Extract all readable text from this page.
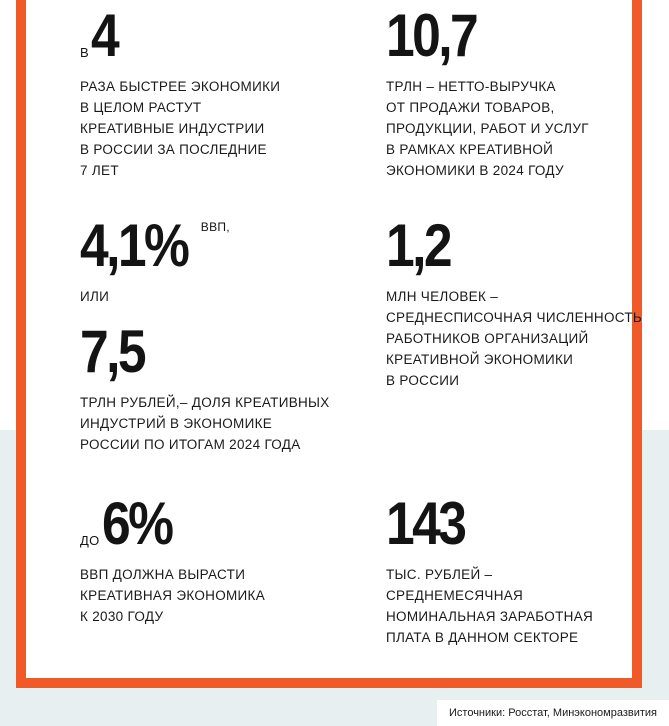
В4
РАЗА БЫСТРЕЕ ЭКОНОМИКИ
В ЦЕЛОМ РАСТУТ
КРЕАТИВНЫЕ ИНДУСТРИИ
В РОССИИ ЗА ПОСЛЕДНИЕ
7 ЛЕТ
10,7
ТРЛН – НЕТТО-ВЫРУЧКА
ОТ ПРОДАЖИ ТОВАРОВ,
ПРОДУКЦИИ, РАБОТ И УСЛУГ
В РАМКАХ КРЕАТИВНОЙ
ЭКОНОМИКИ В 2024 ГОДУ
4,1% ВВП,
ИЛИ
1,2
МЛН ЧЕЛОВЕК –
СРЕДНЕСПИСОЧНАЯ ЧИСЛЕННОСТЬ
РАБОТНИКОВ ОРГАНИЗАЦИЙ
КРЕАТИВНОЙ ЭКОНОМИКИ
В РОССИИ
7,5
ТРЛН РУБЛЕЙ,– ДОЛЯ КРЕАТИВНЫХ
ИНДУСТРИЙ В ЭКОНОМИКЕ
РОССИИ ПО ИТОГАМ 2024 ГОДА
ДО6%
ВВП ДОЛЖНА ВЫРАСТИ
КРЕАТИВНАЯ ЭКОНОМИКА
К 2030 ГОДУ
143
ТЫС. РУБЛЕЙ –
СРЕДНЕМЕСЯЧНАЯ
НОМИНАЛЬНАЯ ЗАРАБОТНАЯ
ПЛАТА В ДАННОМ СЕКТОРЕ
Источники: Росстат, Минэкономразвития
